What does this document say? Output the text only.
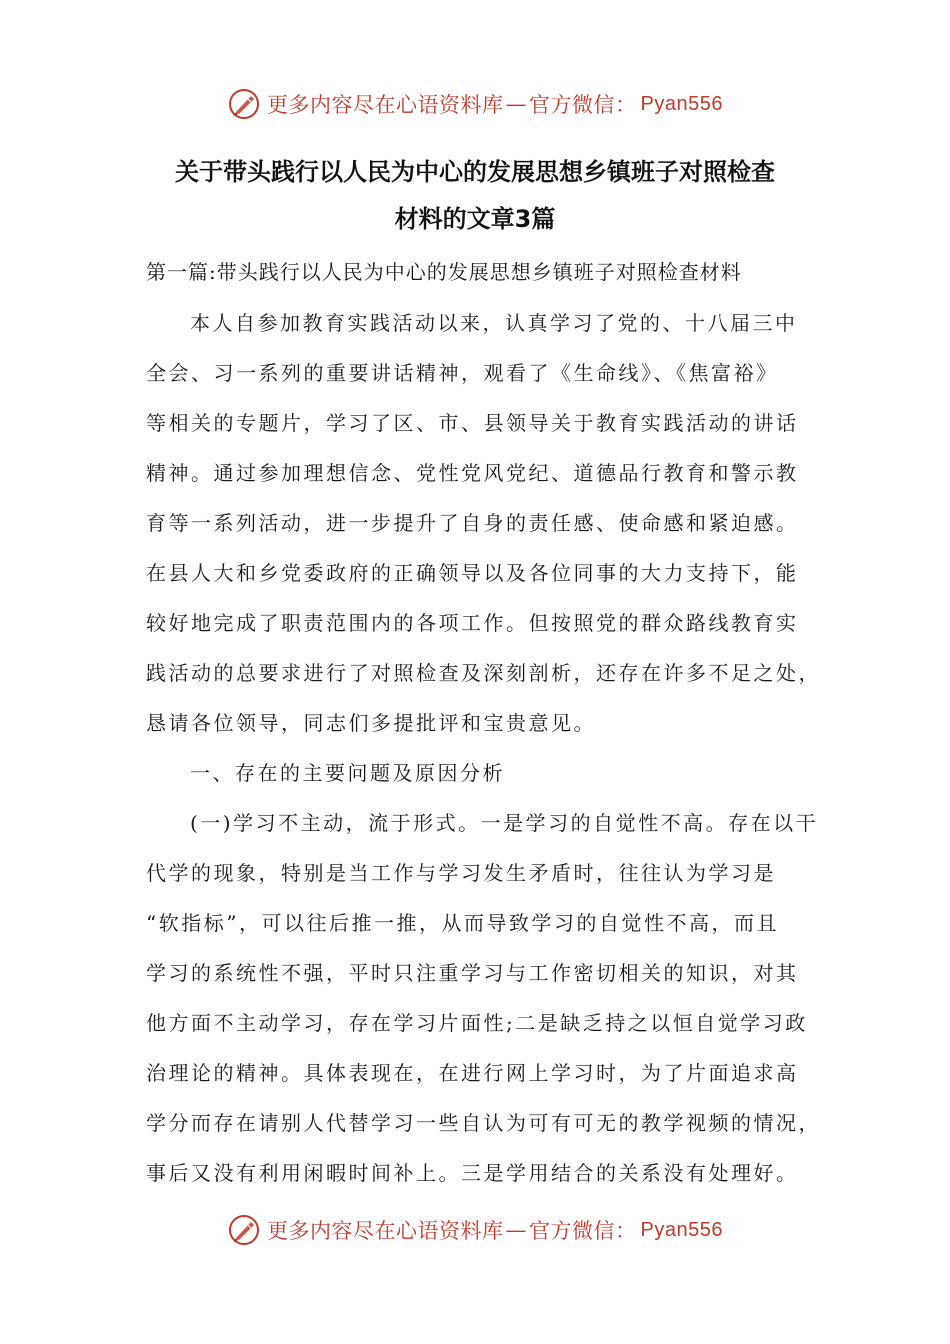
更多内容尽在心语资料库 — 官方微信： Pyan556
关于带头践行以人民为中心的发展思想乡镇班子对照检查
材料的文章3篇
第一篇:带头践行以人民为中心的发展思想乡镇班子对照检查材料
本人自参加教育实践活动以来，认真学习了党的、十八届三中
全会、习一系列的重要讲话精神，观看了《生命线》、《焦富裕》
等相关的专题片，学习了区、市、县领导关于教育实践活动的讲话
精神。通过参加理想信念、党性党风党纪、道德品行教育和警示教
育等一系列活动，进一步提升了自身的责任感、使命感和紧迫感。
在县人大和乡党委政府的正确领导以及各位同事的大力支持下，能
较好地完成了职责范围内的各项工作。但按照党的群众路线教育实
践活动的总要求进行了对照检查及深刻剖析，还存在许多不足之处，
恳请各位领导，同志们多提批评和宝贵意见。
一、存在的主要问题及原因分析
(一)学习不主动，流于形式。一是学习的自觉性不高。存在以干
代学的现象，特别是当工作与学习发生矛盾时，往往认为学习是
“软指标”，可以往后推一推，从而导致学习的自觉性不高，而且
学习的系统性不强，平时只注重学习与工作密切相关的知识，对其
他方面不主动学习，存在学习片面性;二是缺乏持之以恒自觉学习政
治理论的精神。具体表现在，在进行网上学习时，为了片面追求高
学分而存在请别人代替学习一些自认为可有可无的教学视频的情况，
事后又没有利用闲暇时间补上。三是学用结合的关系没有处理好。
更多内容尽在心语资料库 — 官方微信： Pyan556
